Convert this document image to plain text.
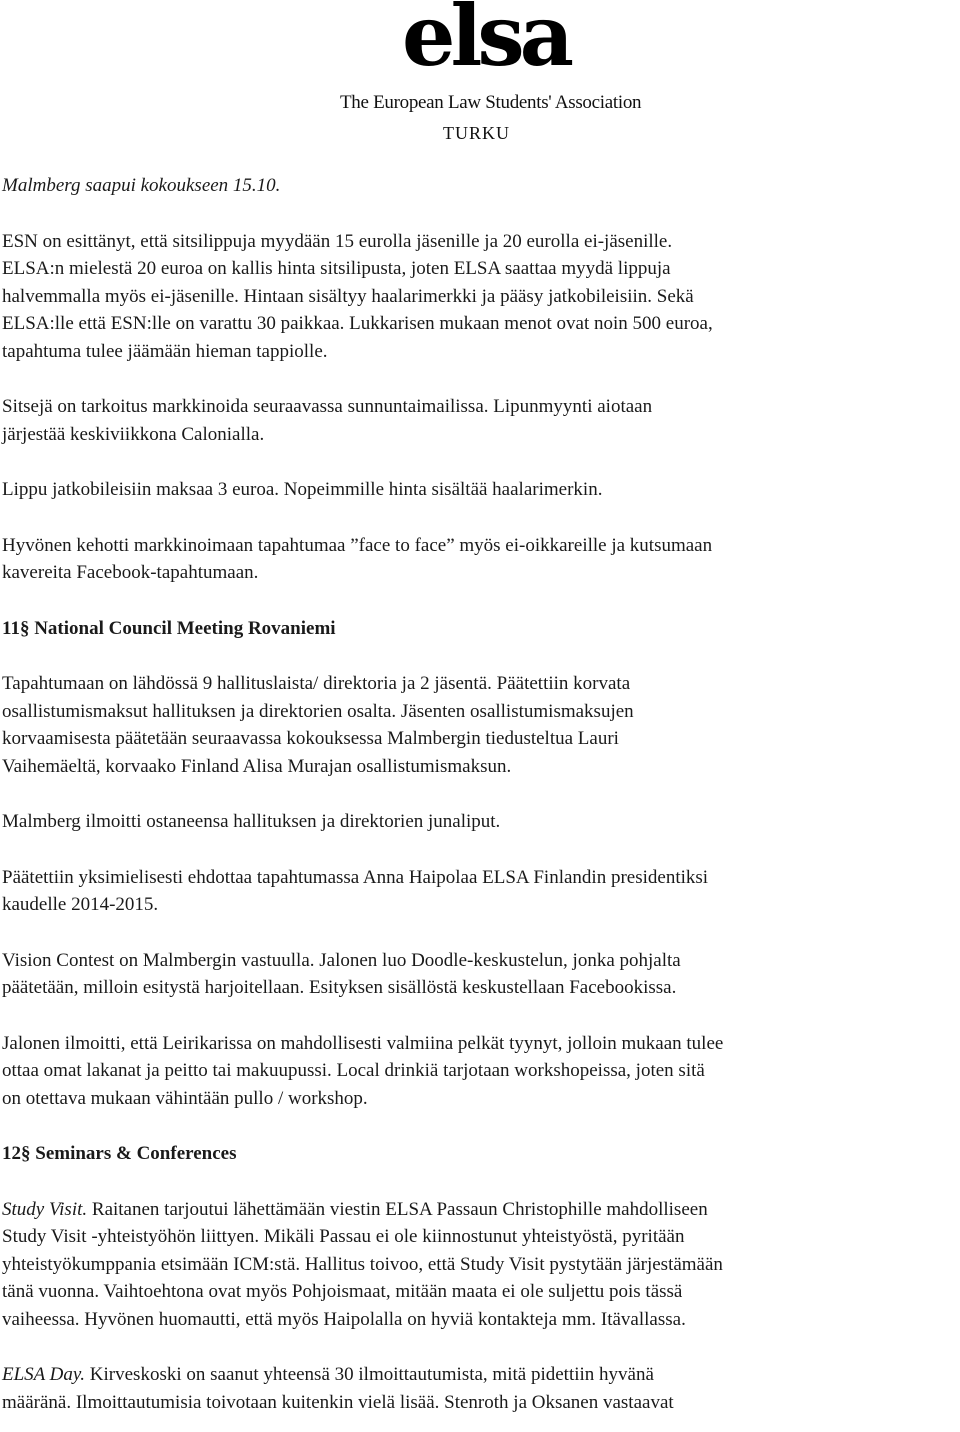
elsa
The European Law Students' Association
TURKU

Malmberg saapui kokoukseen 15.10.

ESN on esittänyt, että sitsilippuja myydään 15 eurolla jäsenille ja 20 eurolla ei-jäsenille.

ELSA:n mielestä 20 euroa on kallis hinta sitsilipusta, joten ELSA saattaa myydä lippuja

halvemmalla myös ei-jäsenille. Hintaan sisältyy haalarimerkki ja pääsy jatkobileisiin. Sekä

ELSA:lle että ESN:lle on varattu 30 paikkaa. Lukkarisen mukaan menot ovat noin 500 euroa,

tapahtuma tulee jäämään hieman tappiolle.

Sitsejä on tarkoitus markkinoida seuraavassa sunnuntaimailissa. Lipunmyynti aiotaan

järjestää keskiviikkona Calonialla.

Lippu jatkobileisiin maksaa 3 euroa. Nopeimmille hinta sisältää haalarimerkin.

Hyvönen kehotti markkinoimaan tapahtumaa ”face to face” myös ei-oikkareille ja kutsumaan

kavereita Facebook-tapahtumaan.

11§ National Council Meeting Rovaniemi

Tapahtumaan on lähdössä 9 hallituslaista/ direktoria ja 2 jäsentä. Päätettiin korvata

osallistumismaksut hallituksen ja direktorien osalta. Jäsenten osallistumismaksujen

korvaamisesta päätetään seuraavassa kokouksessa Malmbergin tiedusteltua Lauri

Vaihemäeltä, korvaako Finland Alisa Murajan osallistumismaksun.

Malmberg ilmoitti ostaneensa hallituksen ja direktorien junaliput.

Päätettiin yksimielisesti ehdottaa tapahtumassa Anna Haipolaa ELSA Finlandin presidentiksi

kaudelle 2014-2015.

Vision Contest on Malmbergin vastuulla. Jalonen luo Doodle-keskustelun, jonka pohjalta

päätetään, milloin esitystä harjoitellaan. Esityksen sisällöstä keskustellaan Facebookissa.

Jalonen ilmoitti, että Leirikarissa on mahdollisesti valmiina pelkät tyynyt, jolloin mukaan tulee

ottaa omat lakanat ja peitto tai makuupussi. Local drinkiä tarjotaan workshopeissa, joten sitä

on otettava mukaan vähintään pullo / workshop.

12§ Seminars & Conferences

Study Visit. Raitanen tarjoutui lähettämään viestin ELSA Passaun Christophille mahdolliseen

Study Visit -yhteistyöhön liittyen. Mikäli Passau ei ole kiinnostunut yhteistyöstä, pyritään

yhteistyökumppania etsimään ICM:stä. Hallitus toivoo, että Study Visit pystytään järjestämään

tänä vuonna. Vaihtoehtona ovat myös Pohjoismaat, mitään maata ei ole suljettu pois tässä

vaiheessa. Hyvönen huomautti, että myös Haipolalla on hyviä kontakteja mm. Itävallassa.

ELSA Day. Kirveskoski on saanut yhteensä 30 ilmoittautumista, mitä pidettiin hyvänä

määränä. Ilmoittautumisia toivotaan kuitenkin vielä lisää. Stenroth ja Oksanen vastaavat
